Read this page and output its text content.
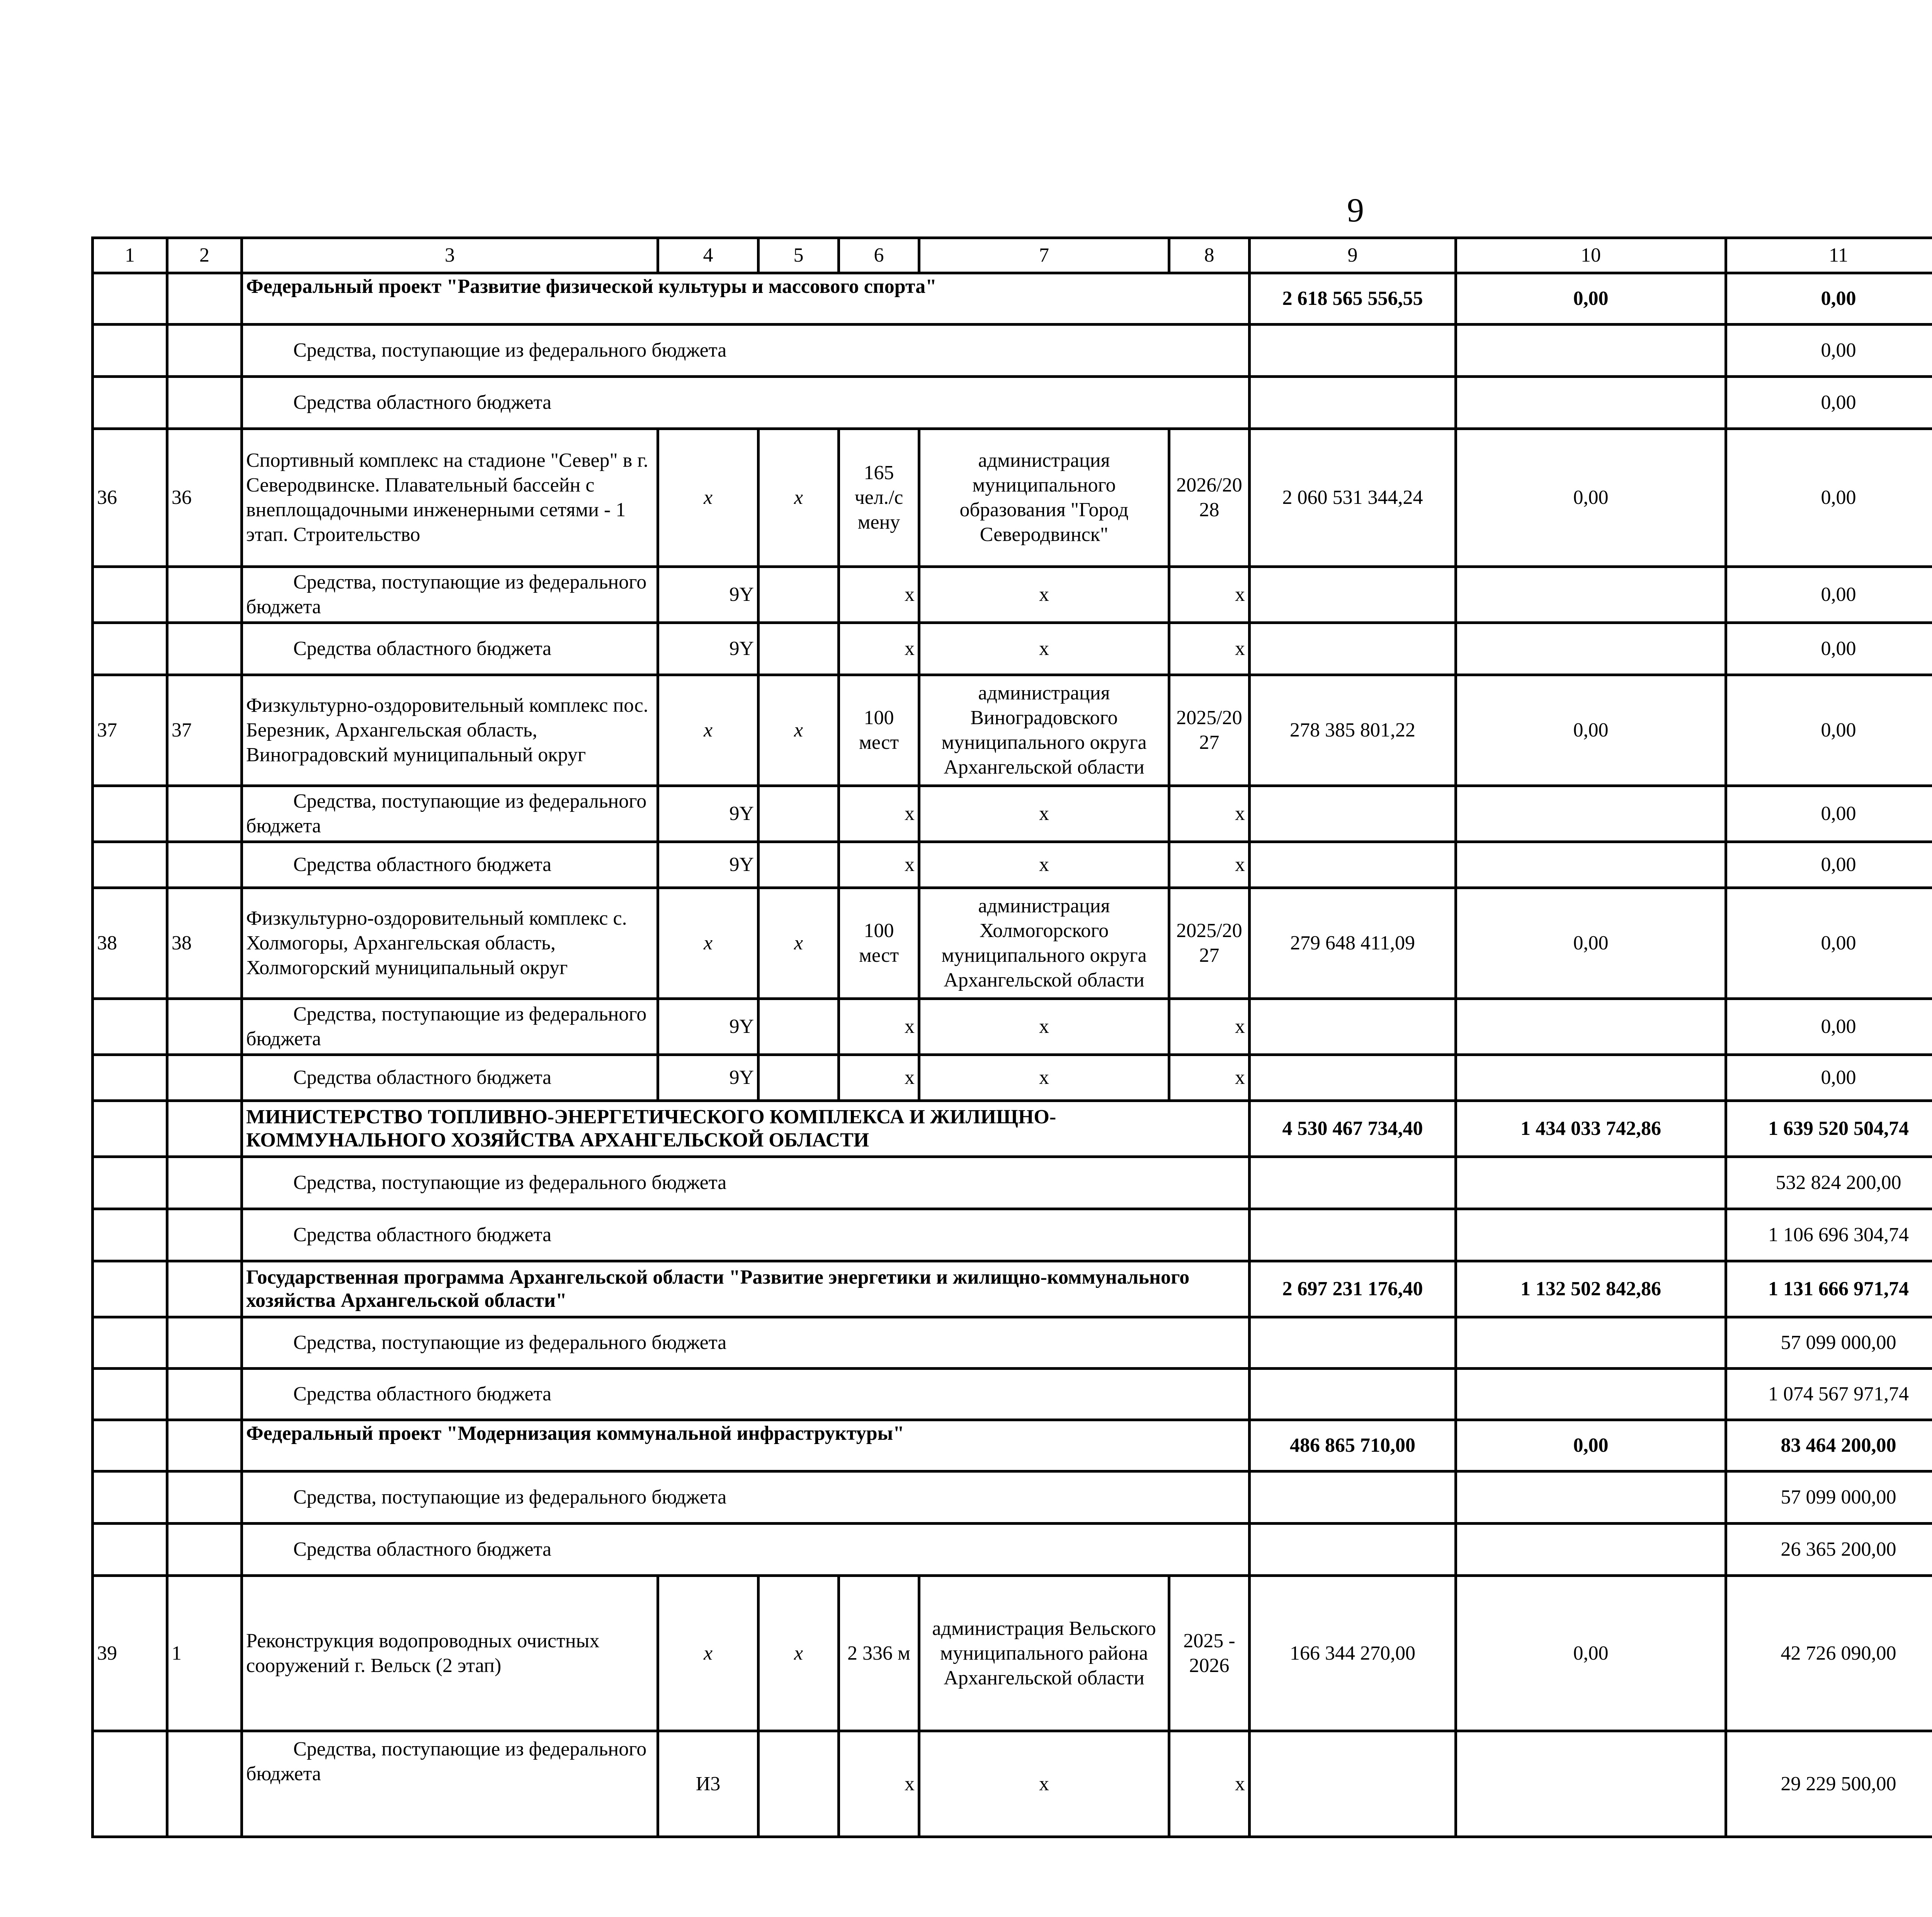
9
1	2	3	4	5	6	7	8	9	10	11			
		Федеральный проект "Развитие физической культуры и массового спорта"						2 618 565 556,55	0,00	0,00			
		Средства, поступающие из федерального бюджета								0,00			
		Средства областного бюджета								0,00			
36	36	Спортивный комплекс на стадионе "Север" в г. Северодвинске. Плавательный бассейн с внеплощадочными инженерными сетями - 1 этап. Строительство	х	х	165 чел./с мену	администрация муниципального образования "Город Северодвинск"	2026/20 28	2 060 531 344,24	0,00	0,00			
		Средства, поступающие из федерального бюджета	9Y		х	х	х			0,00			
		Средства областного бюджета	9Y		х	х	х			0,00			
37	37	Физкультурно-оздоровительный комплекс пос. Березник, Архангельская область, Виноградовский муниципальный округ	х	х	100 мест	администрация Виноградовского муниципального округа Архангельской области	2025/20 27	278 385 801,22	0,00	0,00			
		Средства, поступающие из федерального бюджета	9Y		х	х	х			0,00			
		Средства областного бюджета	9Y		х	х	х			0,00			
38	38	Физкультурно-оздоровительный комплекс с. Холмогоры, Архангельская область, Холмогорский муниципальный округ	х	х	100 мест	администрация Холмогорского муниципального округа Архангельской области	2025/20 27	279 648 411,09	0,00	0,00			
		Средства, поступающие из федерального бюджета	9Y		х	х	х			0,00			
		Средства областного бюджета	9Y		х	х	х			0,00			
		МИНИСТЕРСТВО ТОПЛИВНО-ЭНЕРГЕТИЧЕСКОГО КОМПЛЕКСА И ЖИЛИЩНО-КОММУНАЛЬНОГО ХОЗЯЙСТВА АРХАНГЕЛЬСКОЙ ОБЛАСТИ						4 530 467 734,40	1 434 033 742,86	1 639 520 504,74			
		Средства, поступающие из федерального бюджета								532 824 200,00			
		Средства областного бюджета								1 106 696 304,74			
		Государственная программа Архангельской области "Развитие энергетики и жилищно-коммунального хозяйства Архангельской области"						2 697 231 176,40	1 132 502 842,86	1 131 666 971,74			
		Средства, поступающие из федерального бюджета								57 099 000,00			
		Средства областного бюджета								1 074 567 971,74			
		Федеральный проект "Модернизация коммунальной инфраструктуры"						486 865 710,00	0,00	83 464 200,00			
		Средства, поступающие из федерального бюджета								57 099 000,00			
		Средства областного бюджета								26 365 200,00			
39	1	Реконструкция водопроводных очистных сооружений г. Вельск (2 этап)	х	х	2 336 м	администрация Вельского муниципального района Архангельской области	2025 - 2026	166 344 270,00	0,00	42 726 090,00			
		Средства, поступающие из федерального бюджета	И3		х	х	х			29 229 500,00			
